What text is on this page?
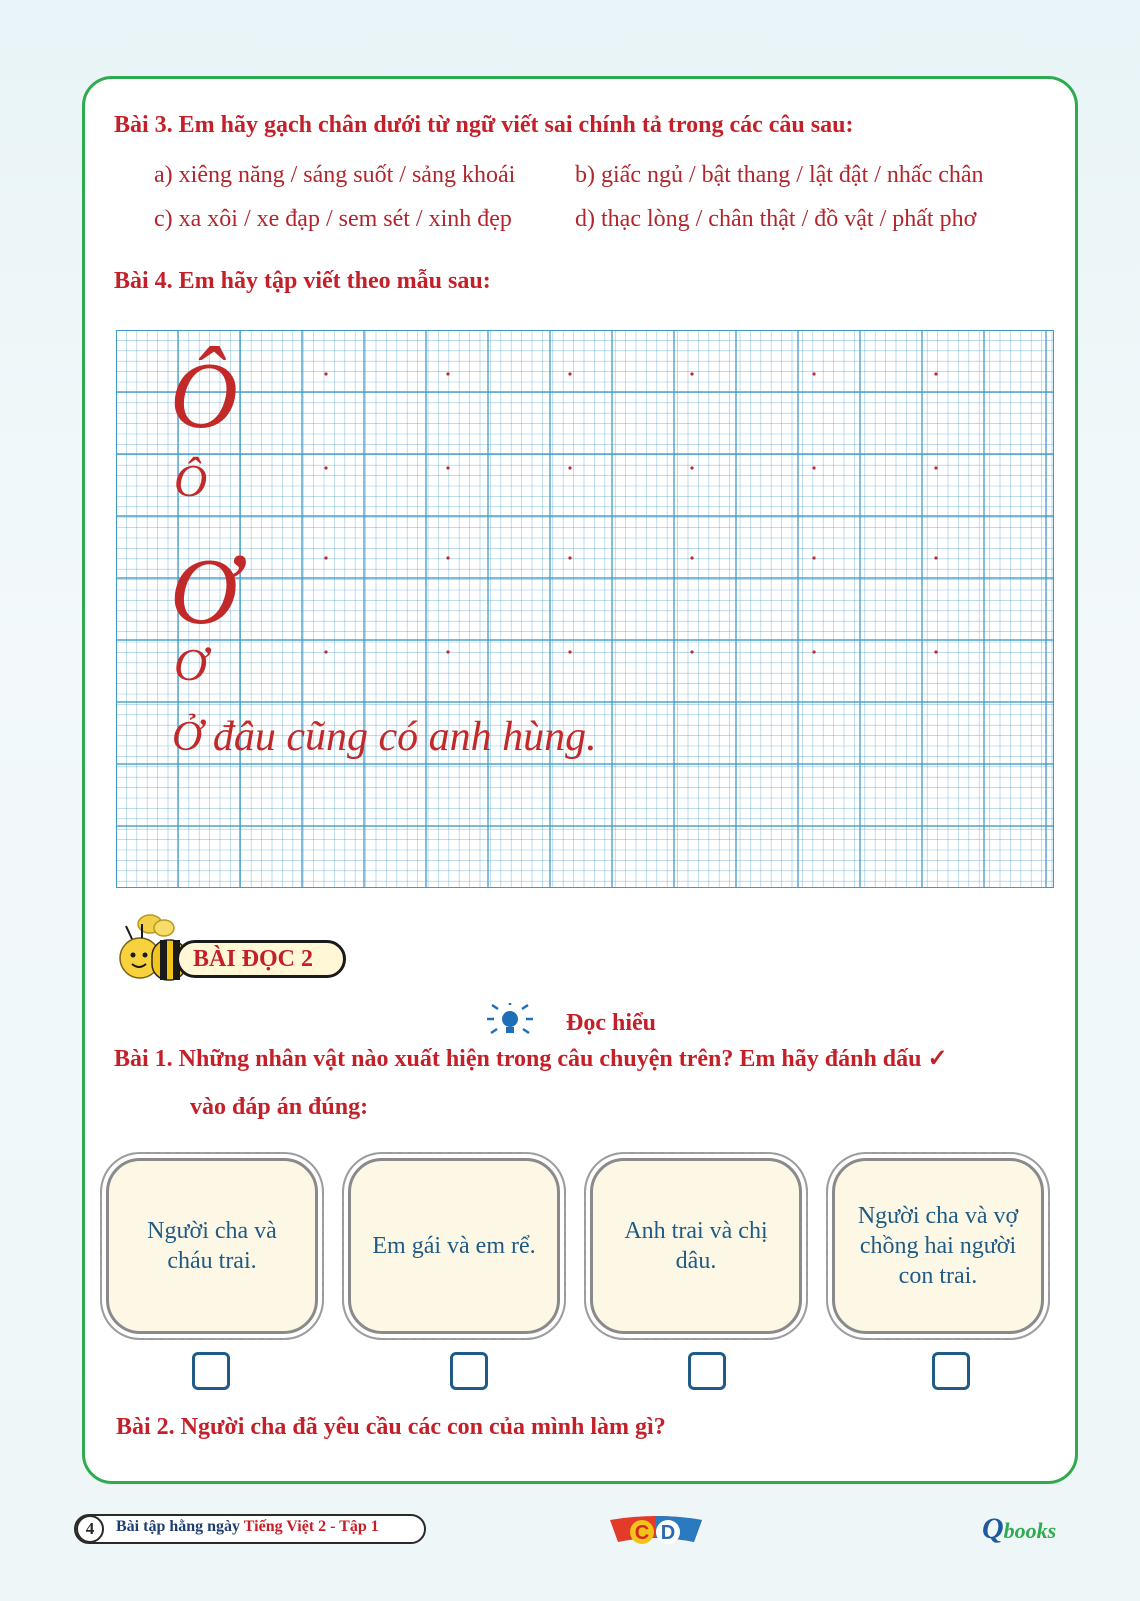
Bài 3. Em hãy gạch chân dưới từ ngữ viết sai chính tả trong các câu sau:
a) xiêng năng / sáng suốt / sảng khoái b) giấc ngủ / bật thang / lật đật / nhấc chân
c) xa xôi / xe đạp / sem sét / xinh đẹp	d) thạc lòng / chân thật / đồ vật / phất phơ
Bài 4. Em hãy tập viết theo mẫu sau:
Ô
Ô
Ơ
Ơ
Ở đâu cũng có anh hùng.
BÀI ĐỌC 2
Đọc hiểu
Bài 1. Những nhân vật nào xuất hiện trong câu chuyện trên? Em hãy đánh dấu ✓
vào đáp án đúng:
Người cha và cháu trai.
Em gái và em rể.
Anh trai và chị dâu.
Người cha và vợ chồng hai người con trai.
Bài 2. Người cha đã yêu cầu các con của mình làm gì?
4	Bài tập hằng ngày Tiếng Việt 2 - Tập 1	C D	Qbooks
